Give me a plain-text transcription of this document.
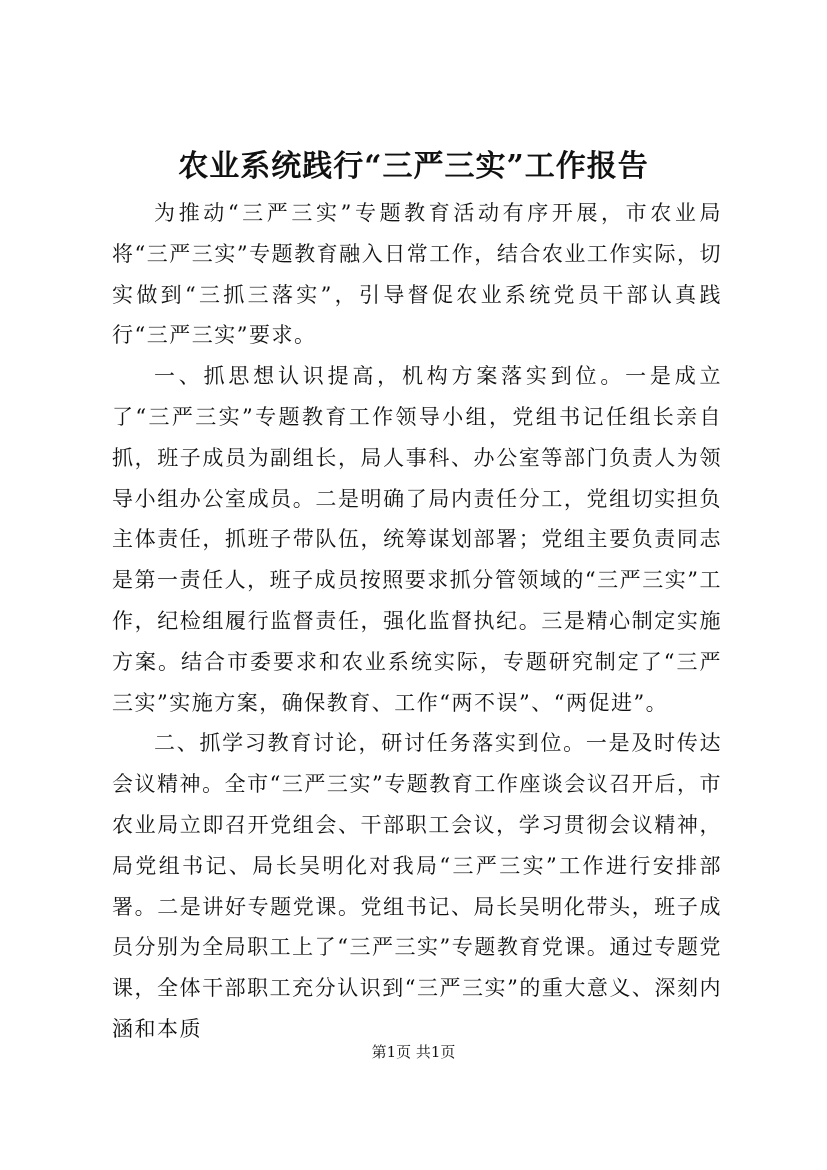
农业系统践行“三严三实”工作报告

为推动“三严三实”专题教育活动有序开展，市农业局将“三严三实”专题教育融入日常工作，结合农业工作实际，切实做到“三抓三落实”，引导督促农业系统党员干部认真践行“三严三实”要求。

一、抓思想认识提高，机构方案落实到位。一是成立了“三严三实”专题教育工作领导小组，党组书记任组长亲自抓，班子成员为副组长，局人事科、办公室等部门负责人为领导小组办公室成员。二是明确了局内责任分工，党组切实担负主体责任，抓班子带队伍，统筹谋划部署；党组主要负责同志是第一责任人，班子成员按照要求抓分管领域的“三严三实”工作，纪检组履行监督责任，强化监督执纪。三是精心制定实施方案。结合市委要求和农业系统实际，专题研究制定了“三严三实”实施方案，确保教育、工作“两不误”、“两促进”。

二、抓学习教育讨论，研讨任务落实到位。一是及时传达会议精神。全市“三严三实”专题教育工作座谈会议召开后，市农业局立即召开党组会、干部职工会议，学习贯彻会议精神，局党组书记、局长吴明化对我局“三严三实”工作进行安排部署。二是讲好专题党课。党组书记、局长吴明化带头，班子成员分别为全局职工上了“三严三实”专题教育党课。通过专题党课，全体干部职工充分认识到“三严三实”的重大意义、深刻内涵和本质

第1页 共1页
